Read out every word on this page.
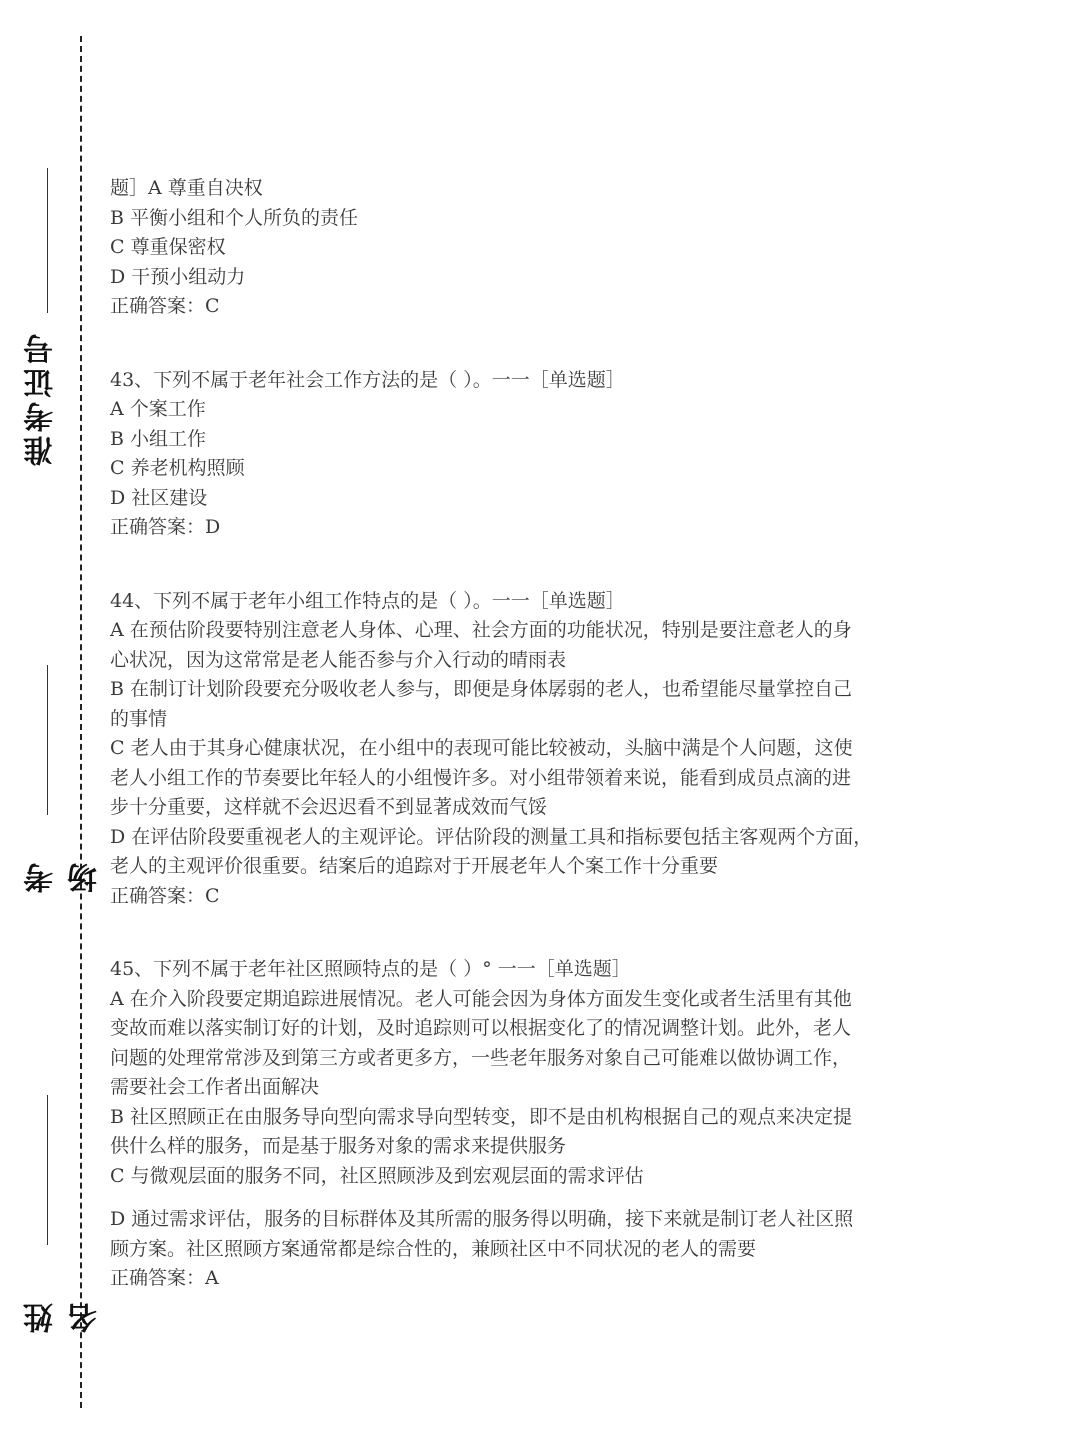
准考证号
考场
姓名

题］A 尊重自决权

B 平衡小组和个人所负的责任

C 尊重保密权

D 干预小组动力

正确答案：C

43、下列不属于老年社会工作方法的是（ ）。一一［单选题］

A 个案工作

B 小组工作

C 养老机构照顾

D 社区建设

正确答案：D

44、下列不属于老年小组工作特点的是（ ）。一一［单选题］

A 在预估阶段要特别注意老人身体、心理、社会方面的功能状况，特别是要注意老人的身

心状况，因为这常常是老人能否参与介入行动的晴雨表

B 在制订计划阶段要充分吸收老人参与，即便是身体孱弱的老人，也希望能尽量掌控自己

的事情

C 老人由于其身心健康状况，在小组中的表现可能比较被动，头脑中满是个人问题，这使

老人小组工作的节奏要比年轻人的小组慢许多。对小组带领着来说，能看到成员点滴的进

步十分重要，这样就不会迟迟看不到显著成效而气馁

D 在评估阶段要重视老人的主观评论。评估阶段的测量工具和指标要包括主客观两个方面，

老人的主观评价很重要。结案后的追踪对于开展老年人个案工作十分重要

正确答案：C

45、下列不属于老年社区照顾特点的是（ ）° 一一［单选题］

A 在介入阶段要定期追踪进展情况。老人可能会因为身体方面发生变化或者生活里有其他

变故而难以落实制订好的计划，及时追踪则可以根据变化了的情况调整计划。此外，老人

问题的处理常常涉及到第三方或者更多方，一些老年服务对象自己可能难以做协调工作，

需要社会工作者出面解决

B 社区照顾正在由服务导向型向需求导向型转变，即不是由机构根据自己的观点来决定提

供什么样的服务，而是基于服务对象的需求来提供服务

C 与微观层面的服务不同，社区照顾涉及到宏观层面的需求评估

D 通过需求评估，服务的目标群体及其所需的服务得以明确，接下来就是制订老人社区照

顾方案。社区照顾方案通常都是综合性的，兼顾社区中不同状况的老人的需要

正确答案：A
